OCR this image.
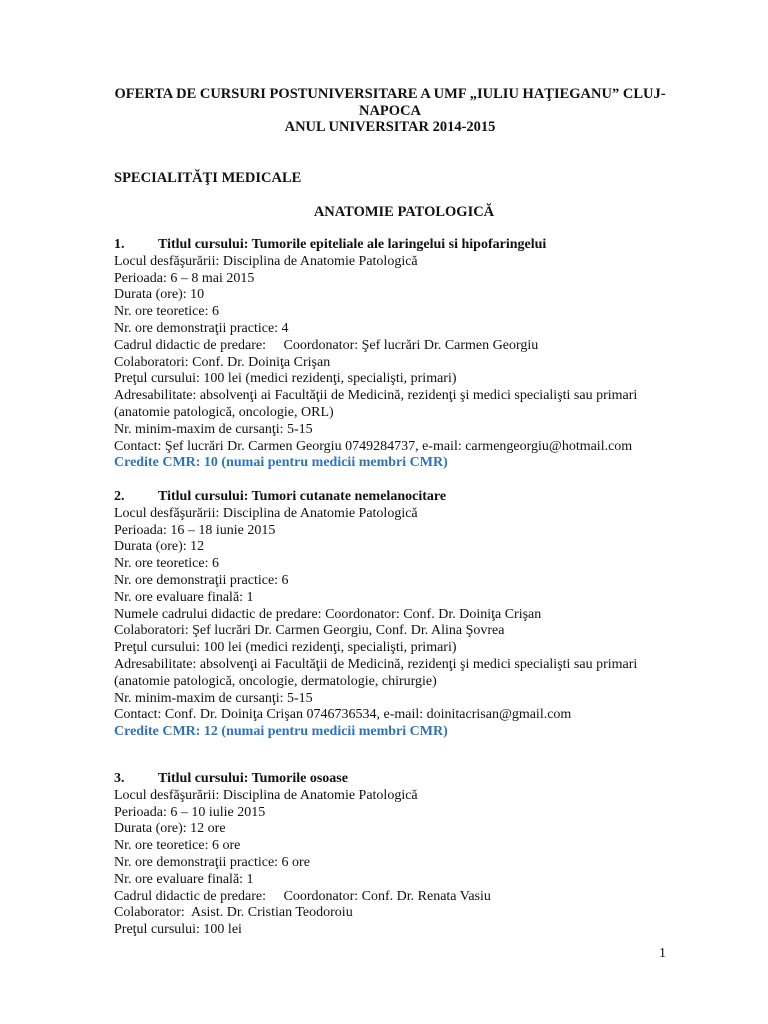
OFERTA DE CURSURI POSTUNIVERSITARE A UMF „IULIU HAŢIEGANU” CLUJ-
NAPOCA
ANUL UNIVERSITAR 2014-2015
SPECIALITĂŢI MEDICALE
ANATOMIE PATOLOGICĂ
1.	Titlul cursului: Tumorile epiteliale ale laringelui si hipofaringelui
Locul desfăşurării: Disciplina de Anatomie Patologică
Perioada: 6 – 8 mai 2015
Durata (ore): 10
Nr. ore teoretice: 6
Nr. ore demonstraţii practice: 4
Cadrul didactic de predare:     Coordonator: Şef lucrări Dr. Carmen Georgiu
Colaboratori: Conf. Dr. Doiniţa Crişan
Preţul cursului: 100 lei (medici rezidenţi, specialişti, primari)
Adresabilitate: absolvenţi ai Facultăţii de Medicină, rezidenţi şi medici specialişti sau primari (anatomie patologică, oncologie, ORL)
Nr. minim-maxim de cursanţi: 5-15
Contact: Şef lucrări Dr. Carmen Georgiu 0749284737, e-mail: carmengeorgiu@hotmail.com
Credite CMR: 10 (numai pentru medicii membri CMR)
2.	Titlul cursului: Tumori cutanate nemelanocitare
Locul desfăşurării: Disciplina de Anatomie Patologică
Perioada: 16 – 18 iunie 2015
Durata (ore): 12
Nr. ore teoretice: 6
Nr. ore demonstraţii practice: 6
Nr. ore evaluare finală: 1
Numele cadrului didactic de predare: Coordonator: Conf. Dr. Doiniţa Crişan
Colaboratori: Şef lucrări Dr. Carmen Georgiu, Conf. Dr. Alina Şovrea
Preţul cursului: 100 lei (medici rezidenţi, specialişti, primari)
Adresabilitate: absolvenţi ai Facultăţii de Medicină, rezidenţi şi medici specialişti sau primari (anatomie patologică, oncologie, dermatologie, chirurgie)
Nr. minim-maxim de cursanţi: 5-15
Contact: Conf. Dr. Doiniţa Crişan 0746736534, e-mail: doinitacrisan@gmail.com
Credite CMR: 12 (numai pentru medicii membri CMR)
3.	Titlul cursului: Tumorile osoase
Locul desfăşurării: Disciplina de Anatomie Patologică
Perioada: 6 – 10 iulie 2015
Durata (ore): 12 ore
Nr. ore teoretice: 6 ore
Nr. ore demonstraţii practice: 6 ore
Nr. ore evaluare finală: 1
Cadrul didactic de predare:     Coordonator: Conf. Dr. Renata Vasiu
Colaborator:  Asist. Dr. Cristian Teodoroiu
Preţul cursului: 100 lei
1
